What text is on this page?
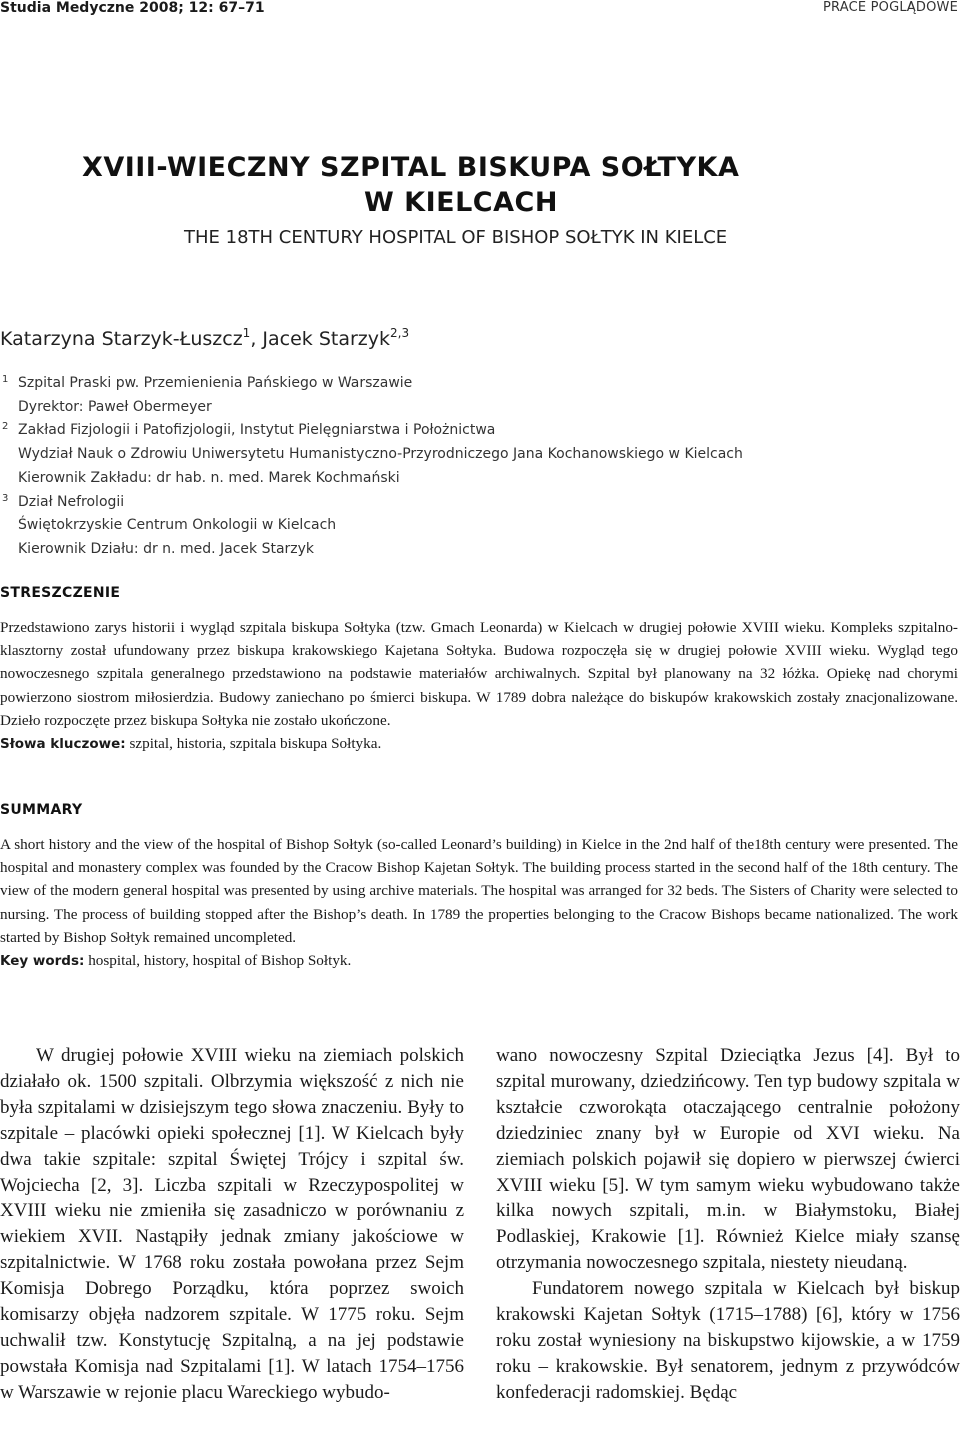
Studia Medyczne 2008; 12: 67–71	PRACE POGLĄDOWE
XVIII-WIECZNY SZPITAL BISKUPA SOŁTYKA
W KIELCACH
THE 18TH CENTURY HOSPITAL OF BISHOP SOŁTYK IN KIELCE
Katarzyna Starzyk-Łuszcz$^1$, Jacek Starzyk$^{2,3}$
1 Szpital Praski pw. Przemienienia Pańskiego w Warszawie
Dyrektor: Paweł Obermeyer
2 Zakład Fizjologii i Patofizjologii, Instytut Pielęgniarstwa i Położnictwa
Wydział Nauk o Zdrowiu Uniwersytetu Humanistyczno-Przyrodniczego Jana Kochanowskiego w Kielcach
Kierownik Zakładu: dr hab. n. med. Marek Kochmański
3 Dział Nefrologii
Świętokrzyskie Centrum Onkologii w Kielcach
Kierownik Działu: dr n. med. Jacek Starzyk
STRESZCZENIE

Przedstawiono zarys historii i wygląd szpitala biskupa Sołtyka (tzw. Gmach Leonarda) w Kielcach w drugiej połowie XVIII wieku. Kompleks szpitalno-klasztorny został ufundowany przez biskupa krakowskiego Kajetana Sołtyka. Budowa rozpoczęła się w drugiej połowie XVIII wieku. Wygląd tego nowoczesnego szpitala generalnego przedstawiono na podstawie materiałów archiwalnych. Szpital był planowany na 32 łóżka. Opiekę nad chorymi powierzono siostrom miłosierdzia. Budowy zaniechano po śmierci biskupa. W 1789 dobra należące do biskupów krakowskich zostały znacjonalizowane. Dzieło rozpoczęte przez biskupa Sołtyka nie zostało ukończone.

Słowa kluczowe: szpital, historia, szpitala biskupa Sołtyka.

SUMMARY

A short history and the view of the hospital of Bishop Sołtyk (so-called Leonard’s building) in Kielce in the 2nd half of the18th century were presented. The hospital and monastery complex was founded by the Cracow Bishop Kajetan Sołtyk. The building process started in the second half of the 18th century. The view of the modern general hospital was presented by using archive materials. The hospital was arranged for 32 beds. The Sisters of Charity were selected to nursing. The process of building stopped after the Bishop’s death. In 1789 the properties belonging to the Cracow Bishops became nationalized. The work started by Bishop Sołtyk remained uncompleted.

Key words: hospital, history, hospital of Bishop Sołtyk.

W drugiej połowie XVIII wieku na ziemiach polskich działało ok. 1500 szpitali. Olbrzymia większość z nich nie była szpitalami w dzisiejszym tego słowa znaczeniu. Były to szpitale – placówki opieki społecznej [1]. W Kielcach były dwa takie szpitale: szpital Świętej Trójcy i szpital św. Wojciecha [2, 3]. Liczba szpitali w Rzeczypospolitej w XVIII wieku nie zmieniła się zasadniczo w porównaniu z wiekiem XVII. Nastąpiły jednak zmiany jakościowe w szpitalnictwie. W 1768 roku została powołana przez Sejm Komisja Dobrego Porządku, która poprzez swoich komisarzy objęła nadzorem szpitale. W 1775 roku. Sejm uchwalił tzw. Konstytucję Szpitalną, a na jej podstawie powstała Komisja nad Szpitalami [1]. W latach 1754–1756 w Warszawie w rejonie placu Wareckiego wybudo-

wano nowoczesny Szpital Dzieciątka Jezus [4]. Był to szpital murowany, dziedzińcowy. Ten typ budowy szpitala w kształcie czworokąta otaczającego centralnie położony dziedziniec znany był w Europie od XVI wieku. Na ziemiach polskich pojawił się dopiero w pierwszej ćwierci XVIII wieku [5]. W tym samym wieku wybudowano także kilka nowych szpitali, m.in. w Białymstoku, Białej Podlaskiej, Krakowie [1]. Również Kielce miały szansę otrzymania nowoczesnego szpitala, niestety nieudaną.

Fundatorem nowego szpitala w Kielcach był biskup krakowski Kajetan Sołtyk (1715–1788) [6], który w 1756 roku został wyniesiony na biskupstwo kijowskie, a w 1759 roku – krakowskie. Był senatorem, jednym z przywódców konfederacji radomskiej. Będąc
